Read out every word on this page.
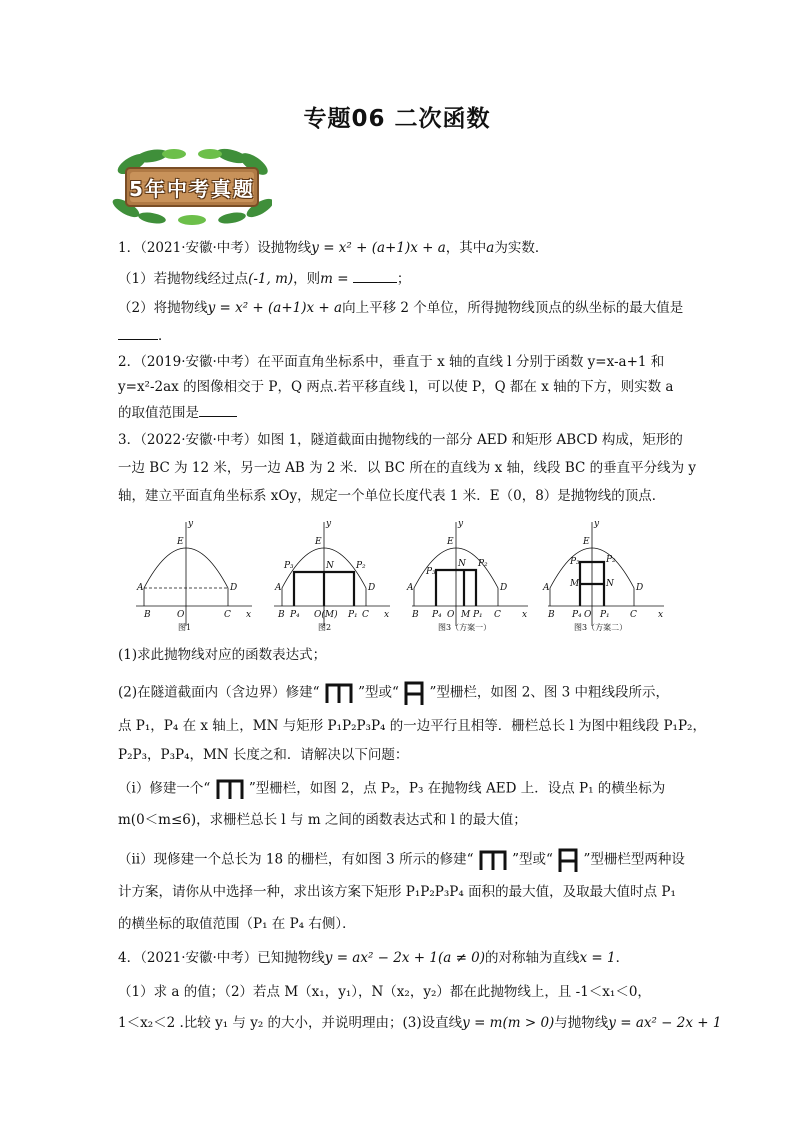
专题06 二次函数
5年中考真题
1．（2021·安徽·中考）设抛物线y = x² + (a+1)x + a，其中a为实数．
（1）若抛物线经过点(-1, m)，则m =	；
（2）将抛物线y = x² + (a+1)x + a向上平移 2 个单位，所得抛物线顶点的纵坐标的最大值是
．
2．（2019·安徽·中考）在平面直角坐标系中，垂直于 x 轴的直线 l 分别于函数 y=x-a+1 和
y=x²-2ax 的图像相交于 P，Q 两点.若平移直线 l，可以使 P，Q 都在 x 轴的下方，则实数 a
的取值范围是
3．（2022·安徽·中考）如图 1，隧道截面由抛物线的一部分 AED 和矩形 ABCD 构成，矩形的
一边 BC 为 12 米，另一边 AB 为 2 米．以 BC 所在的直线为 x 轴，线段 BC 的垂直平分线为 y
轴，建立平面直角坐标系 xOy，规定一个单位长度代表 1 米．E（0，8）是抛物线的顶点．
y
x
E
A	D
B	C
O
图1
y
x
E
N
P₃	P₂
A	D
B P₄ O(M) P₁ C
图2
y
x
E
N
P₃
P₂
A	D
B P₄ O M P₁ C
图3（方案一）
y
x
E
N
M
P₃	P₂
A	D
B P₄ O P₁ C
图3（方案二）
(1)求此抛物线对应的函数表达式；
(2)在隧道截面内（含边界）修建“	”型或“ ”型栅栏，如图 2、图 3 中粗线段所示，
点 P₁，P₄ 在 x 轴上，MN 与矩形 P₁P₂P₃P₄ 的一边平行且相等．栅栏总长 l 为图中粗线段 P₁P₂，
P₂P₃，P₃P₄，MN 长度之和．请解决以下问题：
（ⅰ）修建一个“	”型栅栏，如图 2，点 P₂，P₃ 在抛物线 AED 上．设点 P₁ 的横坐标为
m(0＜m≤6)，求栅栏总长 l 与 m 之间的函数表达式和 l 的最大值；
（ⅱ）现修建一个总长为 18 的栅栏，有如图 3 所示的修建“	”型或“ ”型栅栏型两种设
计方案，请你从中选择一种，求出该方案下矩形 P₁P₂P₃P₄ 面积的最大值，及取最大值时点 P₁
的横坐标的取值范围（P₁ 在 P₄ 右侧）．
4．（2021·安徽·中考）已知抛物线y = ax² − 2x + 1(a ≠ 0)的对称轴为直线x = 1．
（1）求 a 的值；（2）若点 M（x₁，y₁），N（x₂，y₂）都在此抛物线上，且 -1＜x₁＜0，
1＜x₂＜2 .比较 y₁ 与 y₂ 的大小，并说明理由；(3)设直线y = m(m > 0)与抛物线y = ax² − 2x + 1
